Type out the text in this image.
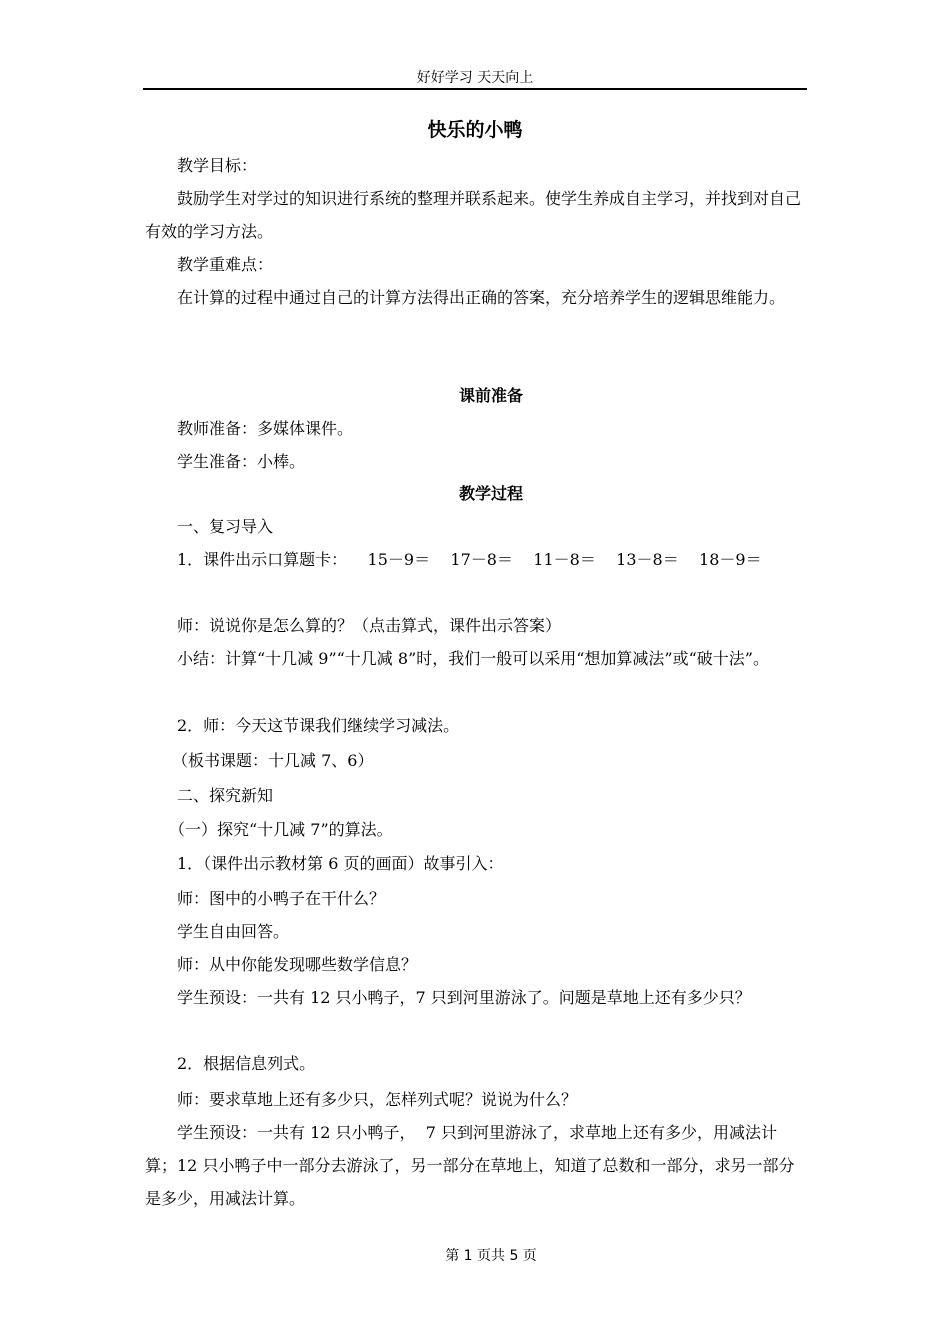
好好学习 天天向上
快乐的小鸭
教学目标：
鼓励学生对学过的知识进行系统的整理并联系起来。使学生养成自主学习，并找到对自己有效的学习方法。
教学重难点：
在计算的过程中通过自己的计算方法得出正确的答案，充分培养学生的逻辑思维能力。
课前准备
教师准备：多媒体课件。
学生准备：小棒。
教学过程
一、复习导入
1．课件出示口算题卡：    15－9＝    17－8＝    11－8＝    13－8＝    18－9＝
师：说说你是怎么算的？（点击算式，课件出示答案）
小结：计算“十几减 9”“十几减 8”时，我们一般可以采用“想加算减法”或“破十法”。
2．师：今天这节课我们继续学习减法。
（板书课题：十几减 7、6）
二、探究新知
（一）探究“十几减 7”的算法。
1．（课件出示教材第 6 页的画面）故事引入：
师：图中的小鸭子在干什么？
学生自由回答。
师：从中你能发现哪些数学信息？
学生预设：一共有 12 只小鸭子，7 只到河里游泳了。问题是草地上还有多少只？
2．根据信息列式。
师：要求草地上还有多少只，怎样列式呢？说说为什么？
学生预设：一共有 12 只小鸭子，  7 只到河里游泳了，求草地上还有多少，用减法计算；12 只小鸭子中一部分去游泳了，另一部分在草地上，知道了总数和一部分，求另一部分是多少，用减法计算。
第 1 页共 5 页
